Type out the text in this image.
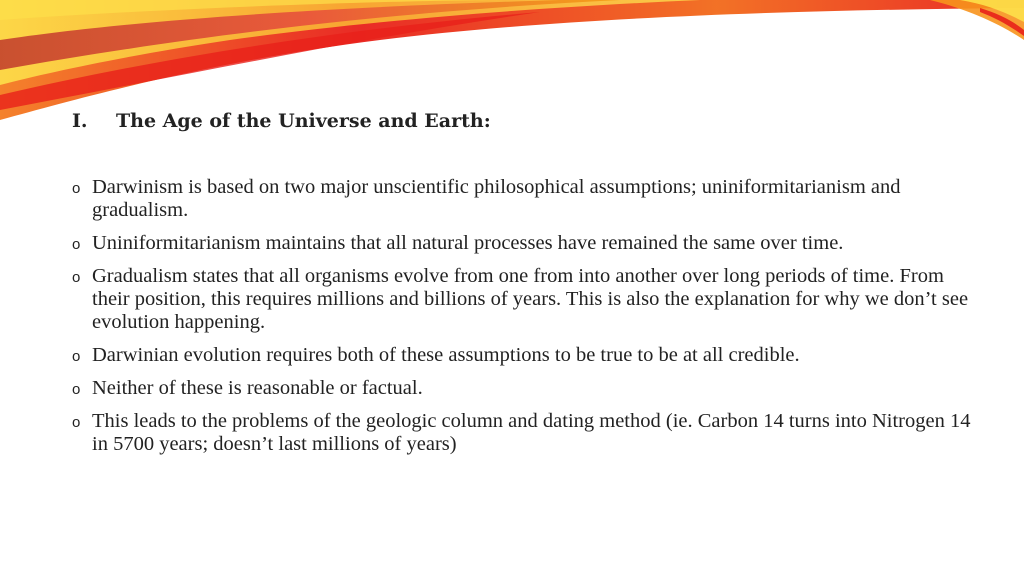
I. The Age of the Universe and Earth:
o Darwinism is based on two major unscientific philosophical assumptions; uniniformitarianism and gradualism.
o Uniniformitarianism maintains that all natural processes have remained the same over time.
o Gradualism states that all organisms evolve from one from into another over long periods of time. From their position, this requires millions and billions of years. This is also the explanation for why we don’t see evolution happening.
o Darwinian evolution requires both of these assumptions to be true to be at all credible.
o Neither of these is reasonable or factual.
o This leads to the problems of the geologic column and dating method (ie. Carbon 14 turns into Nitrogen 14 in 5700 years; doesn’t last millions of years)
